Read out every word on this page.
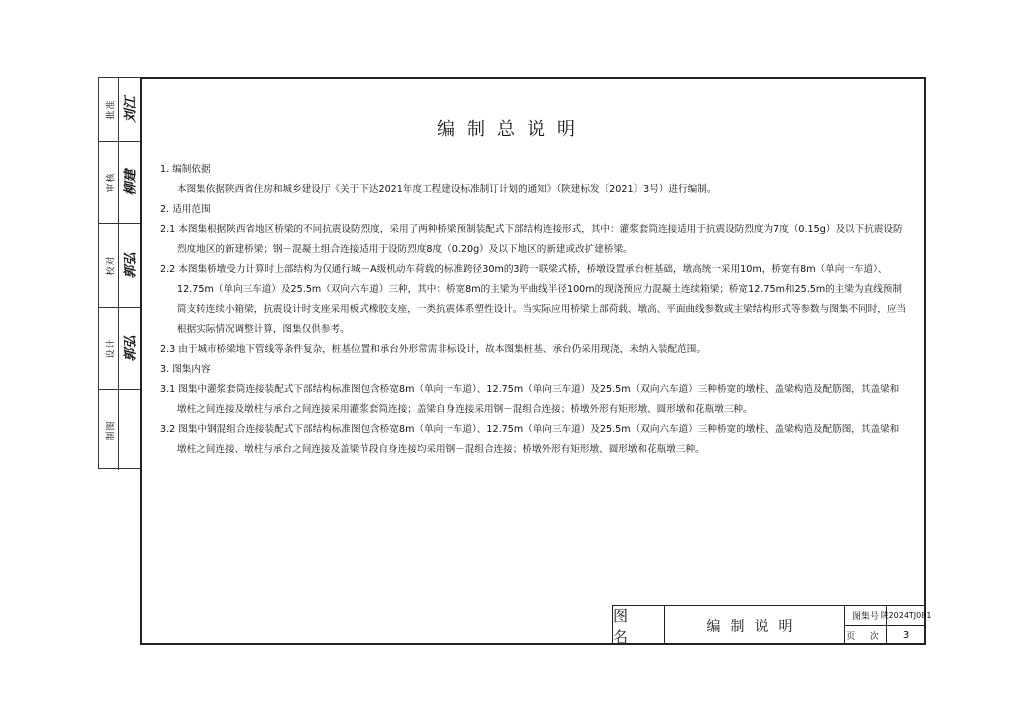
批准 刘江
审核 柳建
校对 郭弘
设计 郭弘
制图
编制总说明

1. 编制依据

本图集依据陕西省住房和城乡建设厅《关于下达2021年度工程建设标准制订计划的通知》（陕建标发〔2021〕3号）进行编制。

2. 适用范围

2.1 本图集根据陕西省地区桥梁的不同抗震设防烈度，采用了两种桥梁预制装配式下部结构连接形式，其中：灌浆套筒连接适用于抗震设防烈度为7度（0.15g）及以下抗震设防烈度地区的新建桥梁；钢－混凝土组合连接适用于设防烈度8度（0.20g）及以下地区的新建或改扩建桥梁。

2.2 本图集桥墩受力计算时上部结构为仅通行城－A级机动车荷载的标准跨径30m的3跨一联梁式桥，桥墩设置承台桩基础，墩高统一采用10m，桥宽有8m（单向一车道）、12.75m（单向三车道）及25.5m（双向六车道）三种，其中：桥宽8m的主梁为平曲线半径100m的现浇预应力混凝土连续箱梁；桥宽12.75m和25.5m的主梁为直线预制简支转连续小箱梁，抗震设计时支座采用板式橡胶支座，一类抗震体系塑性设计。当实际应用桥梁上部荷载、墩高、平面曲线参数或主梁结构形式等参数与图集不同时，应当根据实际情况调整计算，图集仅供参考。

2.3 由于城市桥梁地下管线等条件复杂，桩基位置和承台外形常需非标设计，故本图集桩基、承台仍采用现浇，未纳入装配范围。

3. 图集内容

3.1 图集中灌浆套筒连接装配式下部结构标准图包含桥宽8m（单向一车道）、12.75m（单向三车道）及25.5m（双向六车道）三种桥宽的墩柱、盖梁构造及配筋图，其盖梁和墩柱之间连接及墩柱与承台之间连接采用灌浆套筒连接；盖梁自身连接采用钢－混组合连接；桥墩外形有矩形墩、圆形墩和花瓶墩三种。

3.2 图集中钢混组合连接装配式下部结构标准图包含桥宽8m（单向一车道）、12.75m（单向三车道）及25.5m（双向六车道）三种桥宽的墩柱、盖梁构造及配筋图，其盖梁和墩柱之间连接、墩柱与承台之间连接及盖梁节段自身连接均采用钢－混组合连接；桥墩外形有矩形墩、圆形墩和花瓶墩三种。

图 名
编制说明
图集号 陕2024TJ081
页 次	3
